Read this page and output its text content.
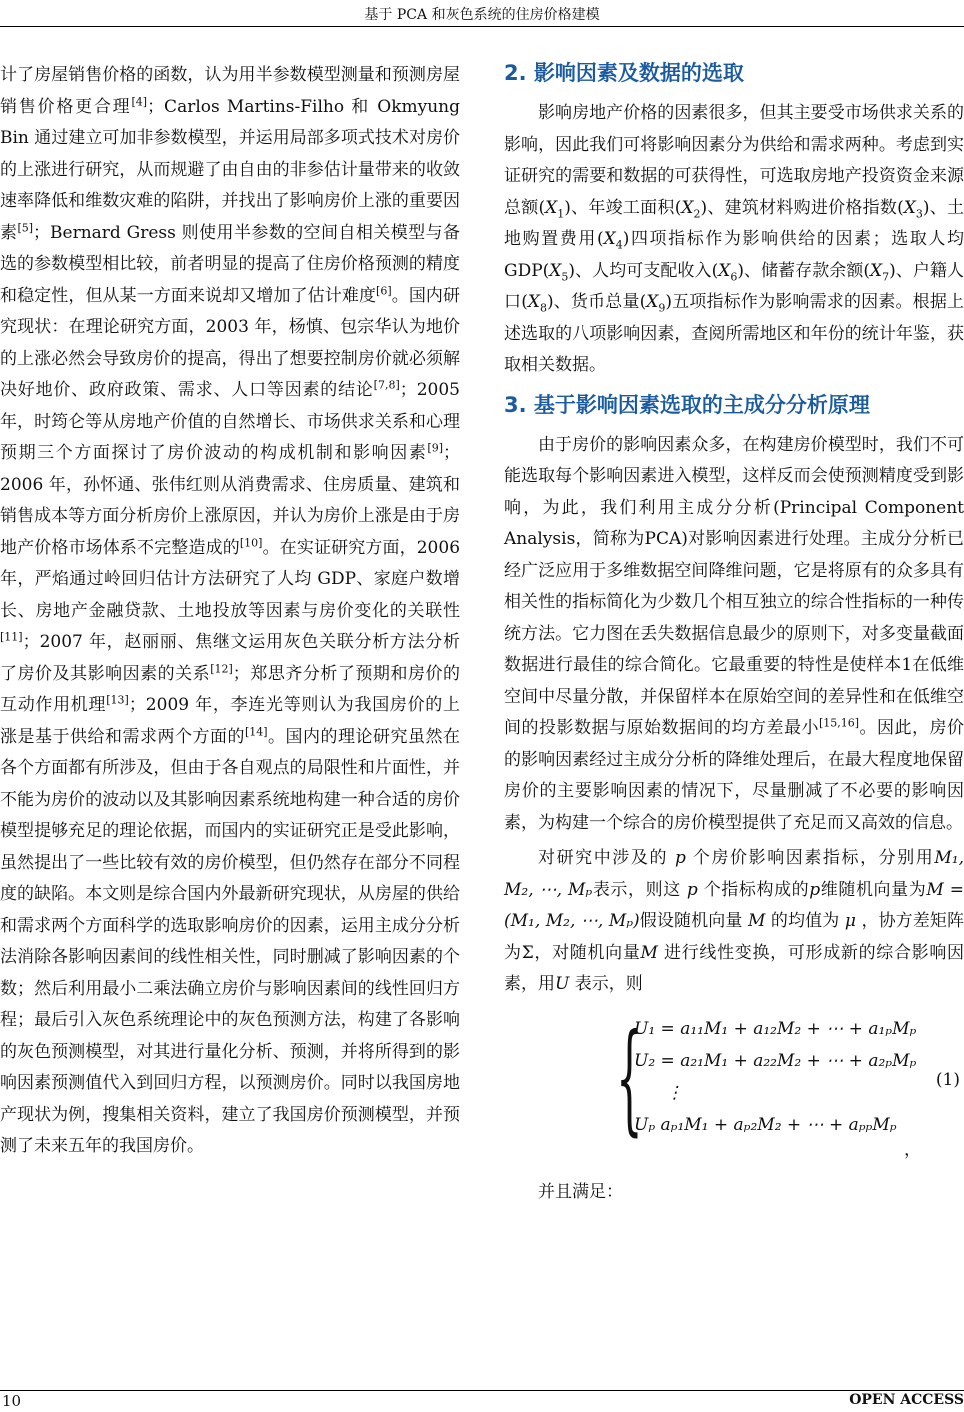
基于 PCA 和灰色系统的住房价格建模

计了房屋销售价格的函数，认为用半参数模型测量和预测房屋销售价格更合理[4]；Carlos Martins-Filho 和 Okmyung Bin 通过建立可加非参数模型，并运用局部多项式技术对房价的上涨进行研究，从而规避了由自由的非参估计量带来的收敛速率降低和维数灾难的陷阱，并找出了影响房价上涨的重要因素[5]；Bernard Gress 则使用半参数的空间自相关模型与备选的参数模型相比较，前者明显的提高了住房价格预测的精度和稳定性，但从某一方面来说却又增加了估计难度[6]。国内研究现状：在理论研究方面，2003 年，杨慎、包宗华认为地价的上涨必然会导致房价的提高，得出了想要控制房价就必须解决好地价、政府政策、需求、人口等因素的结论[7,8]；2005 年，时筠仑等从房地产价值的自然增长、市场供求关系和心理预期三个方面探讨了房价波动的构成机制和影响因素[9]；2006 年，孙怀通、张伟红则从消费需求、住房质量、建筑和销售成本等方面分析房价上涨原因，并认为房价上涨是由于房地产价格市场体系不完整造成的[10]。在实证研究方面，2006 年，严焰通过岭回归估计方法研究了人均 GDP、家庭户数增长、房地产金融贷款、土地投放等因素与房价变化的关联性[11]；2007 年，赵丽丽、焦继文运用灰色关联分析方法分析了房价及其影响因素的关系[12]；郑思齐分析了预期和房价的互动作用机理[13]；2009 年，李连光等则认为我国房价的上涨是基于供给和需求两个方面的[14]。国内的理论研究虽然在各个方面都有所涉及，但由于各自观点的局限性和片面性，并不能为房价的波动以及其影响因素系统地构建一种合适的房价模型提够充足的理论依据，而国内的实证研究正是受此影响，虽然提出了一些比较有效的房价模型，但仍然存在部分不同程度的缺陷。本文则是综合国内外最新研究现状，从房屋的供给和需求两个方面科学的选取影响房价的因素，运用主成分分析法消除各影响因素间的线性相关性，同时删减了影响因素的个数；然后利用最小二乘法确立房价与影响因素间的线性回归方程；最后引入灰色系统理论中的灰色预测方法，构建了各影响的灰色预测模型，对其进行量化分析、预测，并将所得到的影响因素预测值代入到回归方程，以预测房价。同时以我国房地产现状为例，搜集相关资料，建立了我国房价预测模型，并预测了未来五年的我国房价。

2. 影响因素及数据的选取

影响房地产价格的因素很多，但其主要受市场供求关系的影响，因此我们可将影响因素分为供给和需求两种。考虑到实证研究的需要和数据的可获得性，可选取房地产投资资金来源总额$(X_1)$、年竣工面积$(X_2)$、建筑材料购进价格指数$(X_3)$、土地购置费用$(X_4)$四项指标作为影响供给的因素；选取人均$GDP(X_5)$、人均可支配收入$(X_6)$、储蓄存款余额$(X_7)$、户籍人口$(X_8)$、货币总量$(X_9)$五项指标作为影响需求的因素。根据上述选取的八项影响因素，查阅所需地区和年份的统计年鉴，获取相关数据。

3. 基于影响因素选取的主成分分析原理

由于房价的影响因素众多，在构建房价模型时，我们不可能选取每个影响因素进入模型，这样反而会使预测精度受到影响，为此，我们利用主成分分析(Principal Component Analysis，简称为PCA)对影响因素进行处理。主成分分析已经广泛应用于多维数据空间降维问题，它是将原有的众多具有相关性的指标简化为少数几个相互独立的综合性指标的一种传统方法。它力图在丢失数据信息最少的原则下，对多变量截面数据进行最佳的综合简化。它最重要的特性是使样本1在低维空间中尽量分散，并保留样本在原始空间的差异性和在低维空间的投影数据与原始数据间的均方差最小[15,16]。因此，房价的影响因素经过主成分分析的降维处理后，在最大程度地保留房价的主要影响因素的情况下，尽量删减了不必要的影响因素，为构建一个综合的房价模型提供了充足而又高效的信息。

对研究中涉及的 p 个房价影响因素指标，分别用M₁, M₂, ⋯, Mₚ表示，则这 p 个指标构成的p维随机向量为M = (M₁, M₂, ⋯, Mₚ)假设随机向量 M 的均值为 μ ，协方差矩阵为Σ，对随机向量M 进行线性变换，可形成新的综合影响因素，用U 表示，则

{
U₁ = a₁₁M₁ + a₁₂M₂ + ⋯ + a₁ₚMₚ
U₂ = a₂₁M₁ + a₂₂M₂ + ⋯ + a₂ₚMₚ
⋮
Uₚ aₚ₁M₁ + aₚ₂M₂ + ⋯ + aₚₚMₚ
(1)
，

并且满足：

10	OPEN ACCESS
